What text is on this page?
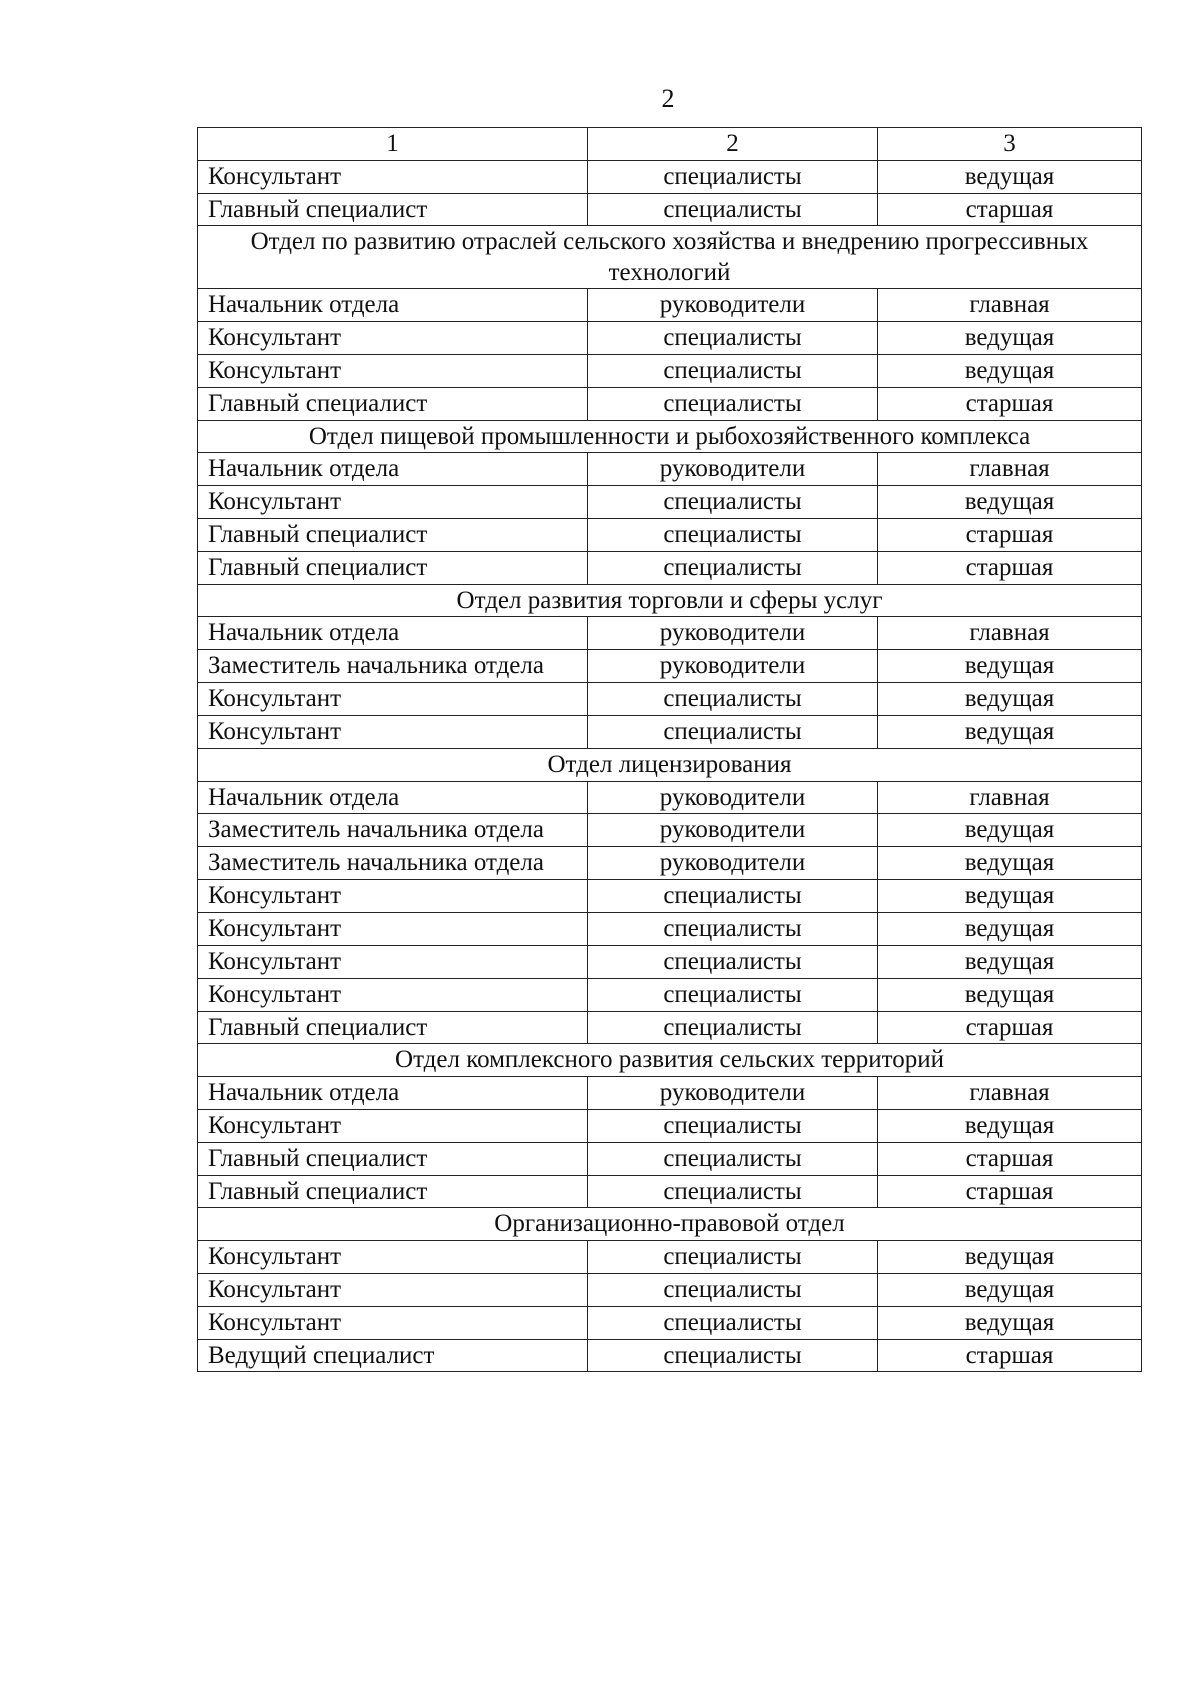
2
1	2	3
Консультант	специалисты	ведущая
Главный специалист	специалисты	старшая
Отдел по развитию отраслей сельского хозяйства и внедрению прогрессивных технологий		
Начальник отдела	руководители	главная
Консультант	специалисты	ведущая
Консультант	специалисты	ведущая
Главный специалист	специалисты	старшая
Отдел пищевой промышленности и рыбохозяйственного комплекса		
Начальник отдела	руководители	главная
Консультант	специалисты	ведущая
Главный специалист	специалисты	старшая
Главный специалист	специалисты	старшая
Отдел развития торговли и сферы услуг		
Начальник отдела	руководители	главная
Заместитель начальника отдела	руководители	ведущая
Консультант	специалисты	ведущая
Консультант	специалисты	ведущая
Отдел лицензирования		
Начальник отдела	руководители	главная
Заместитель начальника отдела	руководители	ведущая
Заместитель начальника отдела	руководители	ведущая
Консультант	специалисты	ведущая
Консультант	специалисты	ведущая
Консультант	специалисты	ведущая
Консультант	специалисты	ведущая
Главный специалист	специалисты	старшая
Отдел комплексного развития сельских территорий		
Начальник отдела	руководители	главная
Консультант	специалисты	ведущая
Главный специалист	специалисты	старшая
Главный специалист	специалисты	старшая
Организационно-правовой отдел		
Консультант	специалисты	ведущая
Консультант	специалисты	ведущая
Консультант	специалисты	ведущая
Ведущий специалист	специалисты	старшая
